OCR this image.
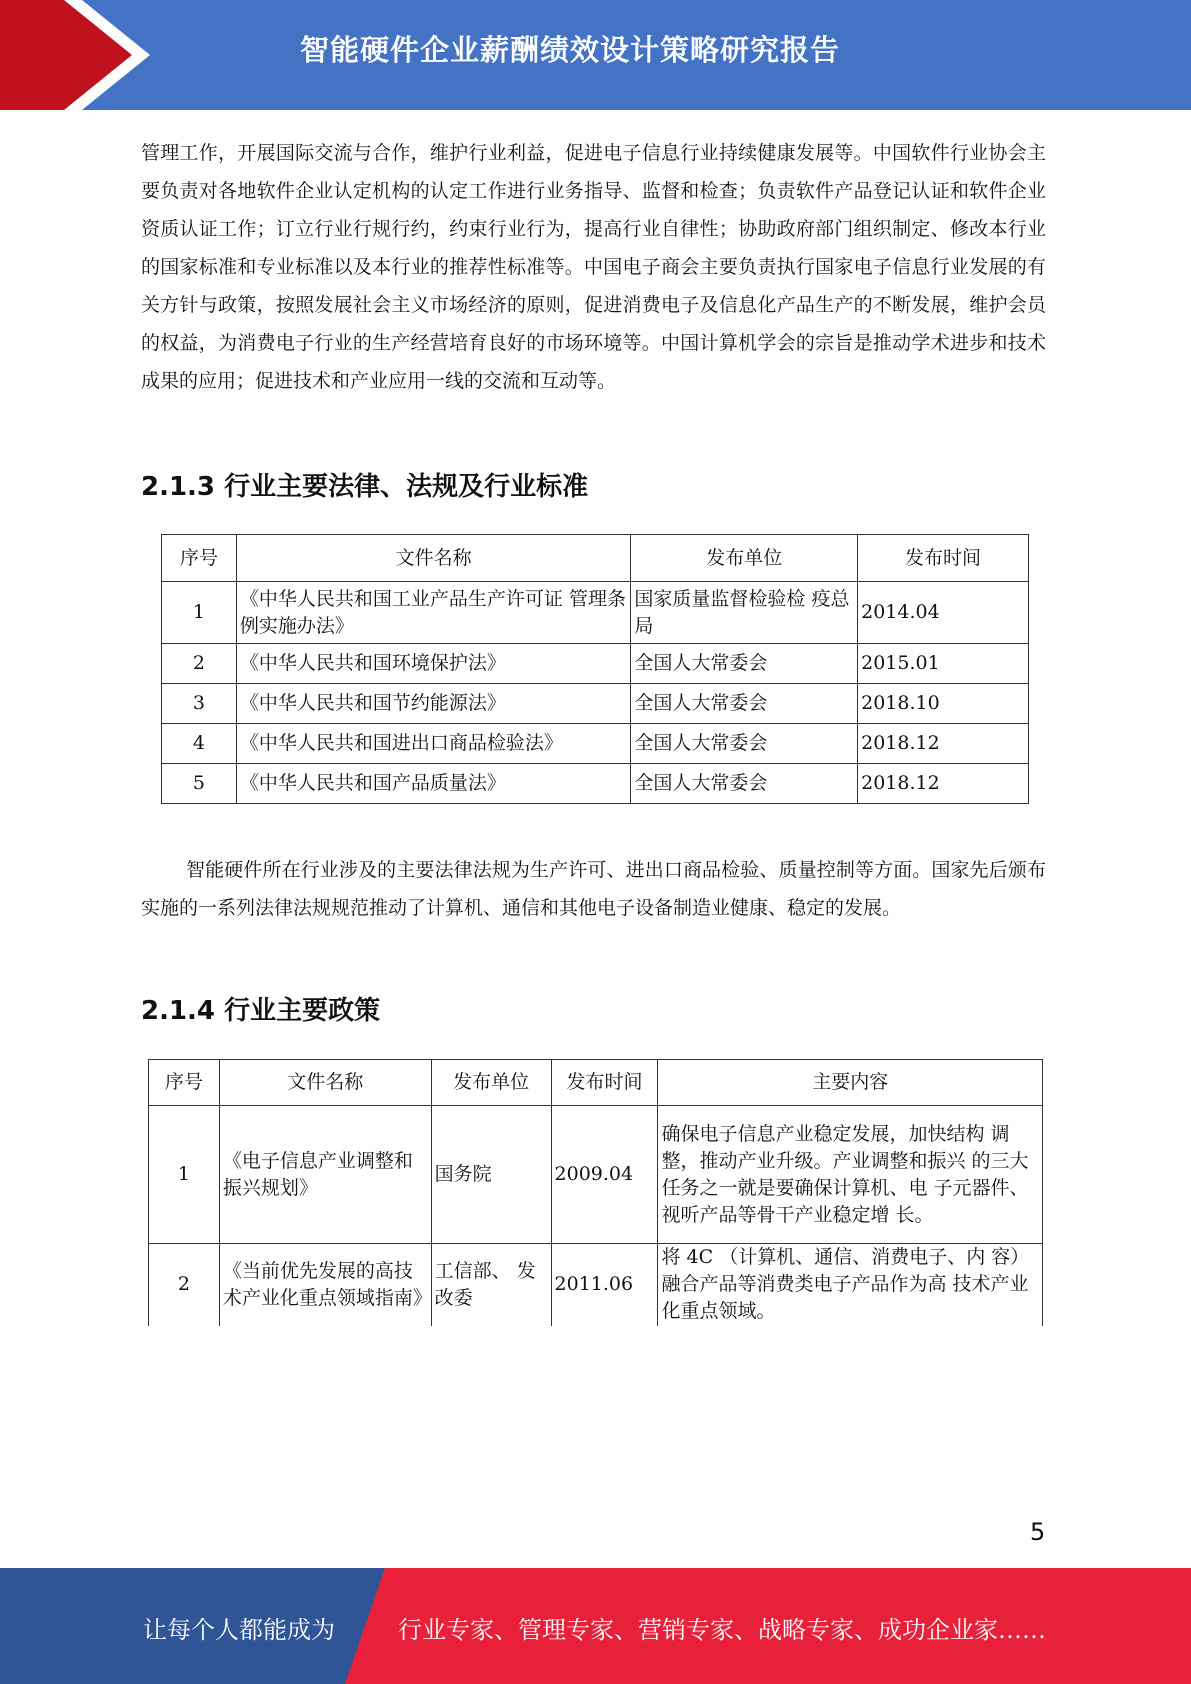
智能硬件企业薪酬绩效设计策略研究报告

管理工作，开展国际交流与合作，维护行业利益，促进电子信息行业持续健康发展等。中国软件行业协会主要负责对各地软件企业认定机构的认定工作进行业务指导、监督和检查；负责软件产品登记认证和软件企业资质认证工作；订立行业行规行约，约束行业行为，提高行业自律性；协助政府部门组织制定、修改本行业的国家标准和专业标准以及本行业的推荐性标准等。中国电子商会主要负责执行国家电子信息行业发展的有关方针与政策，按照发展社会主义市场经济的原则，促进消费电子及信息化产品生产的不断发展，维护会员的权益，为消费电子行业的生产经营培育良好的市场环境等。中国计算机学会的宗旨是推动学术进步和技术成果的应用；促进技术和产业应用一线的交流和互动等。

2.1.3 行业主要法律、法规及行业标准
序号	文件名称	发布单位	发布时间
1	《中华人民共和国工业产品生产许可证 管理条例实施办法》	国家质量监督检验检 疫总局	2014.04
2	《中华人民共和国环境保护法》	全国人大常委会	2015.01
3	《中华人民共和国节约能源法》	全国人大常委会	2018.10
4	《中华人民共和国进出口商品检验法》	全国人大常委会	2018.12
5	《中华人民共和国产品质量法》	全国人大常委会	2018.12

智能硬件所在行业涉及的主要法律法规为生产许可、进出口商品检验、质量控制等方面。国家先后颁布实施的一系列法律法规规范推动了计算机、通信和其他电子设备制造业健康、稳定的发展。

2.1.4 行业主要政策
序号	文件名称	发布单位	发布时间	主要内容
1	《电子信息产业调整和振兴规划》	国务院	2009.04	确保电子信息产业稳定发展，加快结构 调整，推动产业升级。产业调整和振兴 的三大任务之一就是要确保计算机、电 子元器件、视听产品等骨干产业稳定增 长。
2	《当前优先发展的高技术产业化重点领域指南》	工信部、 发改委	2011.06	将 4C （计算机、通信、消费电子、内 容）融合产品等消费类电子产品作为高 技术产业化重点领域。
5
让每个人都能成为	行业专家、管理专家、营销专家、战略专家、成功企业家……
